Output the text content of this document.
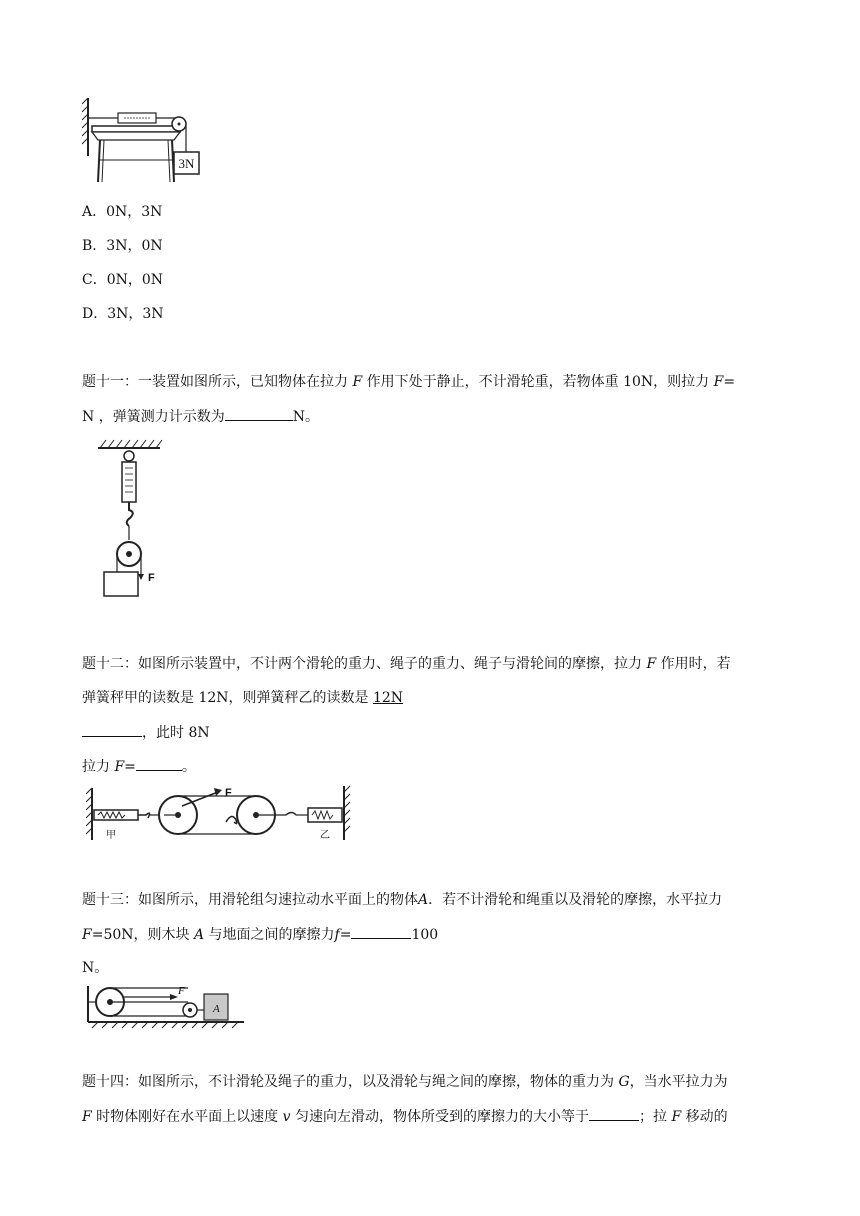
3N
A．0N，3N
B．3N，0N
C．0N，0N
D．3N，3N
题十一：一装置如图所示，已知物体在拉力 F 作用下处于静止，不计滑轮重，若物体重 10N，则拉力 F=
N ，弹簧测力计示数为	N。
F
题十二：如图所示装置中，不计两个滑轮的重力、绳子的重力、绳子与滑轮间的摩擦，拉力 F 作用时，若
弹簧秤甲的读数是 12N，则弹簧秤乙的读数是 12N
，此时 8N
拉力 F=	。
甲
F
乙
题十三：如图所示，用滑轮组匀速拉动水平面上的物体A．若不计滑轮和绳重以及滑轮的摩擦，水平拉力
F=50N，则木块 A 与地面之间的摩擦力f=	100
N。
F
A
题十四：如图所示，不计滑轮及绳子的重力，以及滑轮与绳之间的摩擦，物体的重力为 G，当水平拉力为
F 时物体刚好在水平面上以速度 v 匀速向左滑动，物体所受到的摩擦力的大小等于	；拉 F 移动的
